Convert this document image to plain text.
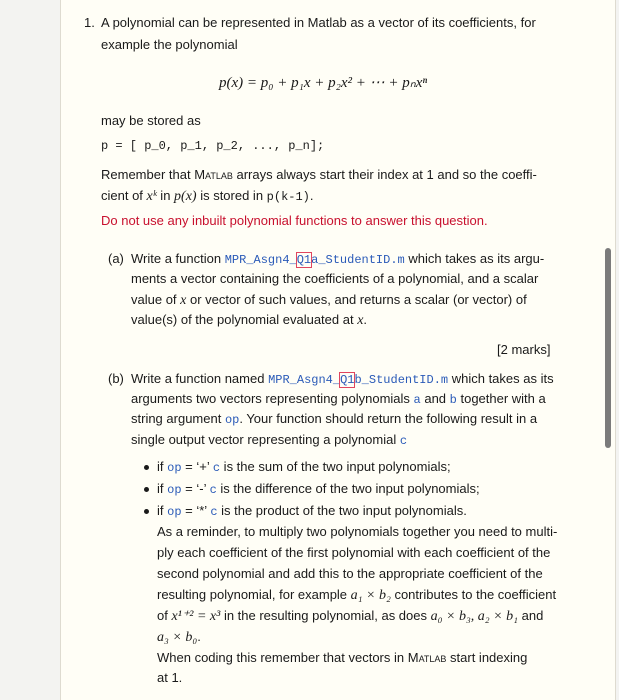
1. A polynomial can be represented in Matlab as a vector of its coefficients, for
example the polynomial
p(x) = p₀ + p₁x + p₂x² + ⋯ + pₙxⁿ
may be stored as
p = [ p_0, p_1, p_2, ..., p_n];
Remember that Matlab arrays always start their index at 1 and so the coeffi-
cient of xᵏ in p(x) is stored in p(k-1).
Do not use any inbuilt polynomial functions to answer this question.
(a) Write a function MPR_Asgn4_Q1a_StudentID.m which takes as its argu-
ments a vector containing the coefficients of a polynomial, and a scalar
value of x or vector of such values, and returns a scalar (or vector) of
value(s) of the polynomial evaluated at x.
[2 marks]
(b) Write a function named MPR_Asgn4_Q1b_StudentID.m which takes as its
arguments two vectors representing polynomials a and b together with a
string argument op. Your function should return the following result in a
single output vector representing a polynomial c
if op = ‘+’ c is the sum of the two input polynomials;
if op = ‘-’ c is the difference of the two input polynomials;
if op = ‘*’ c is the product of the two input polynomials.
As a reminder, to multiply two polynomials together you need to multi-
ply each coefficient of the first polynomial with each coefficient of the
second polynomial and add this to the appropriate coefficient of the
resulting polynomial, for example a₁ × b₂ contributes to the coefficient
of x¹⁺² = x³ in the resulting polynomial, as does a₀ × b₃, a₂ × b₁ and
a₃ × b₀.
When coding this remember that vectors in Matlab start indexing
at 1.
